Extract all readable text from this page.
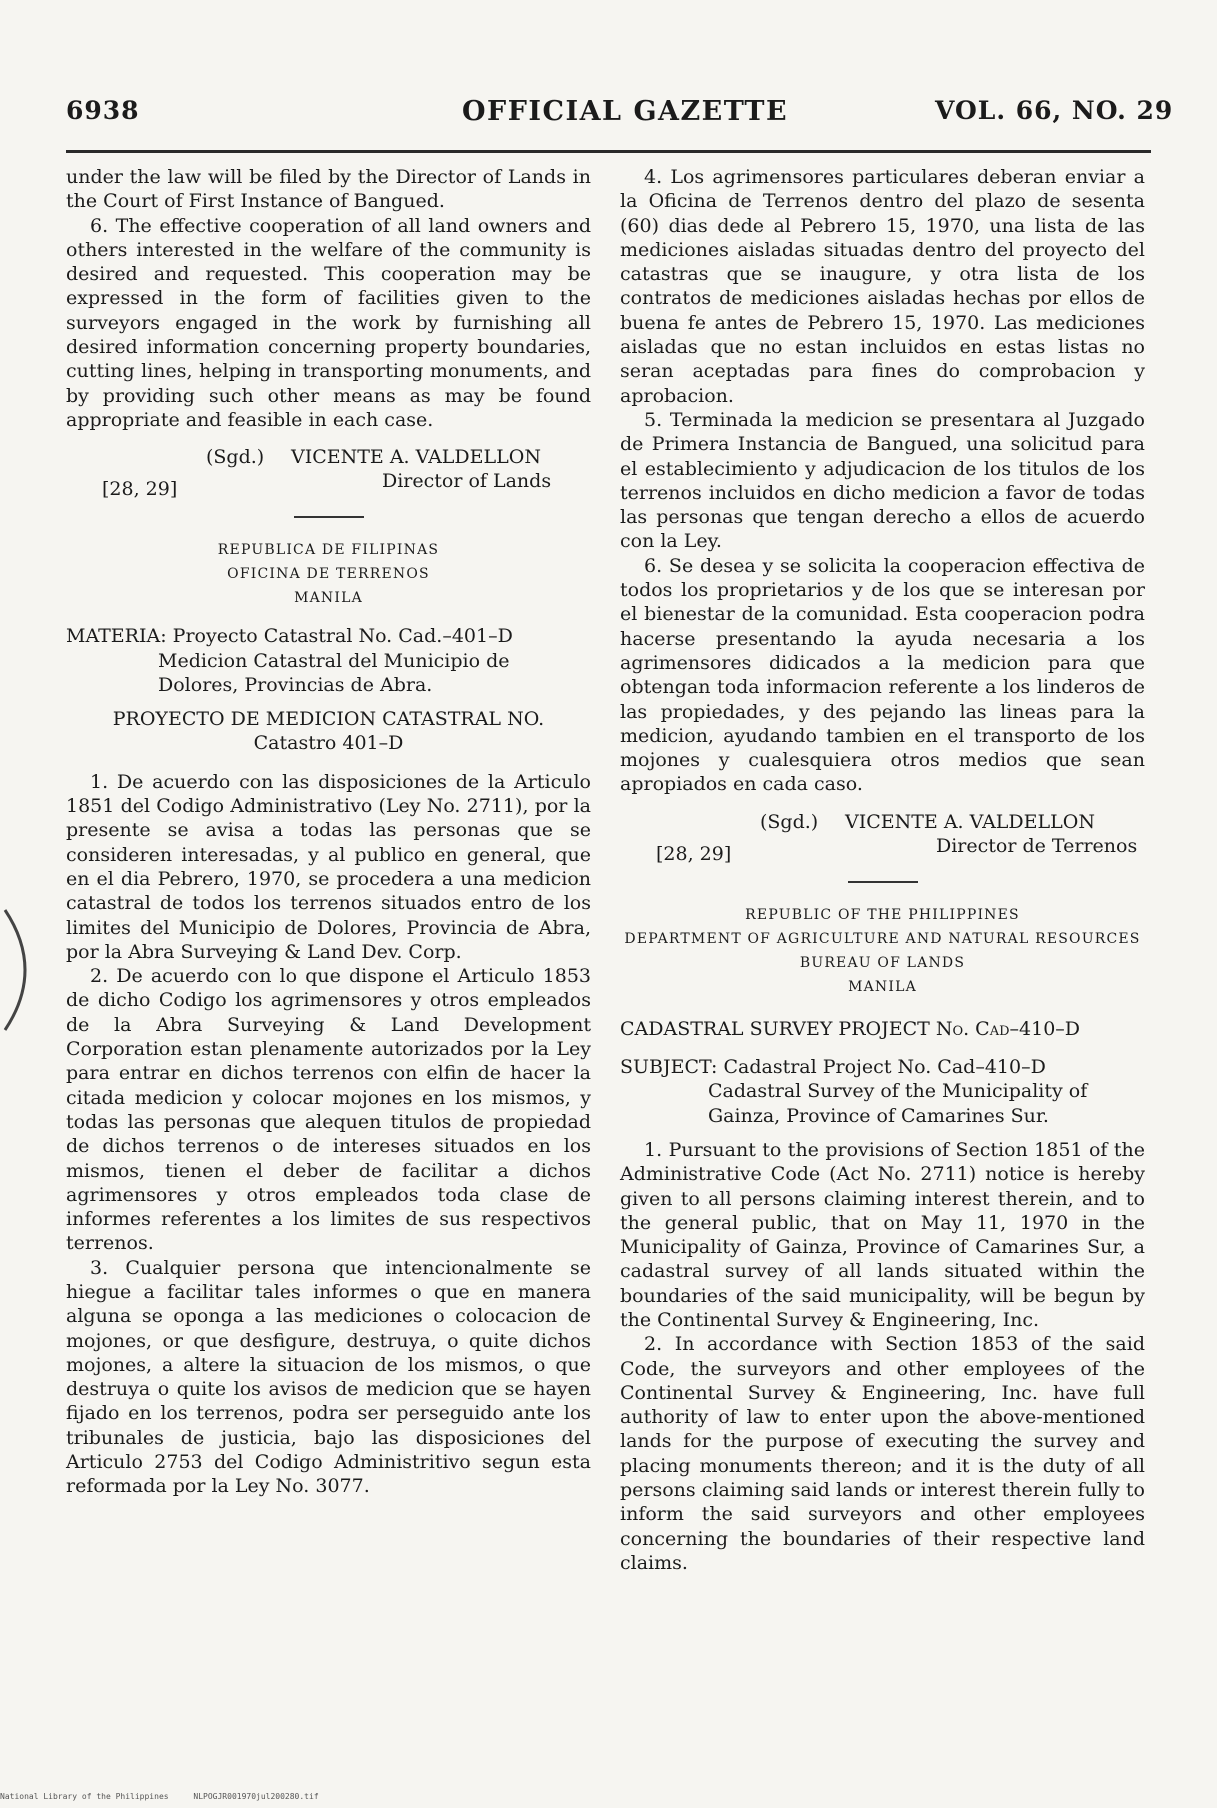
6938	OFFICIAL GAZETTE	VOL. 66, NO. 29

under the law will be filed by the Director of Lands in the Court of First Instance of Bangued.

6. The effective cooperation of all land owners and others interested in the welfare of the community is desired and requested. This cooperation may be expressed in the form of facilities given to the surveyors engaged in the work by furnishing all desired information concerning property boundaries, cutting lines, helping in transporting monuments, and by providing such other means as may be found appropriate and feasible in each case.

(Sgd.) VICENTE A. VALDELLON
Director of Lands
[28, 29]
REPUBLICA DE FILIPINAS
OFICINA DE TERRENOS
MANILA
MATERIA: Proyecto Catastral No. Cad.–401–D Medicion Catastral del Municipio de Dolores, Provincias de Abra.
PROYECTO DE MEDICION CATASTRAL NO.
Catastro 401–D

1. De acuerdo con las disposiciones de la Articulo 1851 del Codigo Administrativo (Ley No. 2711), por la presente se avisa a todas las personas que se consideren interesadas, y al publico en general, que en el dia Pebrero, 1970, se procedera a una medicion catastral de todos los terrenos situados entro de los limites del Municipio de Dolores, Provincia de Abra, por la Abra Surveying & Land Dev. Corp.

2. De acuerdo con lo que dispone el Articulo 1853 de dicho Codigo los agrimensores y otros empleados de la Abra Surveying & Land Development Corporation estan plenamente autorizados por la Ley para entrar en dichos terrenos con elfin de hacer la citada medicion y colocar mojones en los mismos, y todas las personas que alequen titulos de propiedad de dichos terrenos o de intereses situados en los mismos, tienen el deber de facilitar a dichos agrimensores y otros empleados toda clase de informes referentes a los limites de sus respectivos terrenos.

3. Cualquier persona que intencionalmente se hiegue a facilitar tales informes o que en manera alguna se oponga a las mediciones o colocacion de mojones, or que desfigure, destruya, o quite dichos mojones, a altere la situacion de los mismos, o que destruya o quite los avisos de medicion que se hayen fijado en los terrenos, podra ser perseguido ante los tribunales de justicia, bajo las disposiciones del Articulo 2753 del Codigo Administritivo segun esta reformada por la Ley No. 3077.

4. Los agrimensores particulares deberan enviar a la Oficina de Terrenos dentro del plazo de sesenta (60) dias dede al Pebrero 15, 1970, una lista de las mediciones aisladas situadas dentro del proyecto del catastras que se inaugure, y otra lista de los contratos de mediciones aisladas hechas por ellos de buena fe antes de Pebrero 15, 1970. Las mediciones aisladas que no estan incluidos en estas listas no seran aceptadas para fines do comprobacion y aprobacion.

5. Terminada la medicion se presentara al Juzgado de Primera Instancia de Bangued, una solicitud para el establecimiento y adjudicacion de los titulos de los terrenos incluidos en dicho medicion a favor de todas las personas que tengan derecho a ellos de acuerdo con la Ley.

6. Se desea y se solicita la cooperacion effectiva de todos los proprietarios y de los que se interesan por el bienestar de la comunidad. Esta cooperacion podra hacerse presentando la ayuda necesaria a los agrimensores didicados a la medicion para que obtengan toda informacion referente a los linderos de las propiedades, y des pejando las lineas para la medicion, ayudando tambien en el transporto de los mojones y cualesquiera otros medios que sean apropiados en cada caso.

(Sgd.) VICENTE A. VALDELLON
Director de Terrenos
[28, 29]
REPUBLIC OF THE PHILIPPINES
DEPARTMENT OF AGRICULTURE AND NATURAL RESOURCES
BUREAU OF LANDS
MANILA
CADASTRAL SURVEY PROJECT No. Cad–410–D
SUBJECT: Cadastral Project No. Cad–410–D Cadastral Survey of the Municipality of Gainza, Province of Camarines Sur.

1. Pursuant to the provisions of Section 1851 of the Administrative Code (Act No. 2711) notice is hereby given to all persons claiming interest therein, and to the general public, that on May 11, 1970 in the Municipality of Gainza, Province of Camarines Sur, a cadastral survey of all lands situated within the boundaries of the said municipality, will be begun by the Continental Survey & Engineering, Inc.

2. In accordance with Section 1853 of the said Code, the surveyors and other employees of the Continental Survey & Engineering, Inc. have full authority of law to enter upon the above-mentioned lands for the purpose of executing the survey and placing monuments thereon; and it is the duty of all persons claiming said lands or interest therein fully to inform the said surveyors and other employees concerning the boundaries of their respective land claims.

National Library of the Philippines	NLPOGJR001970jul200280.tif
